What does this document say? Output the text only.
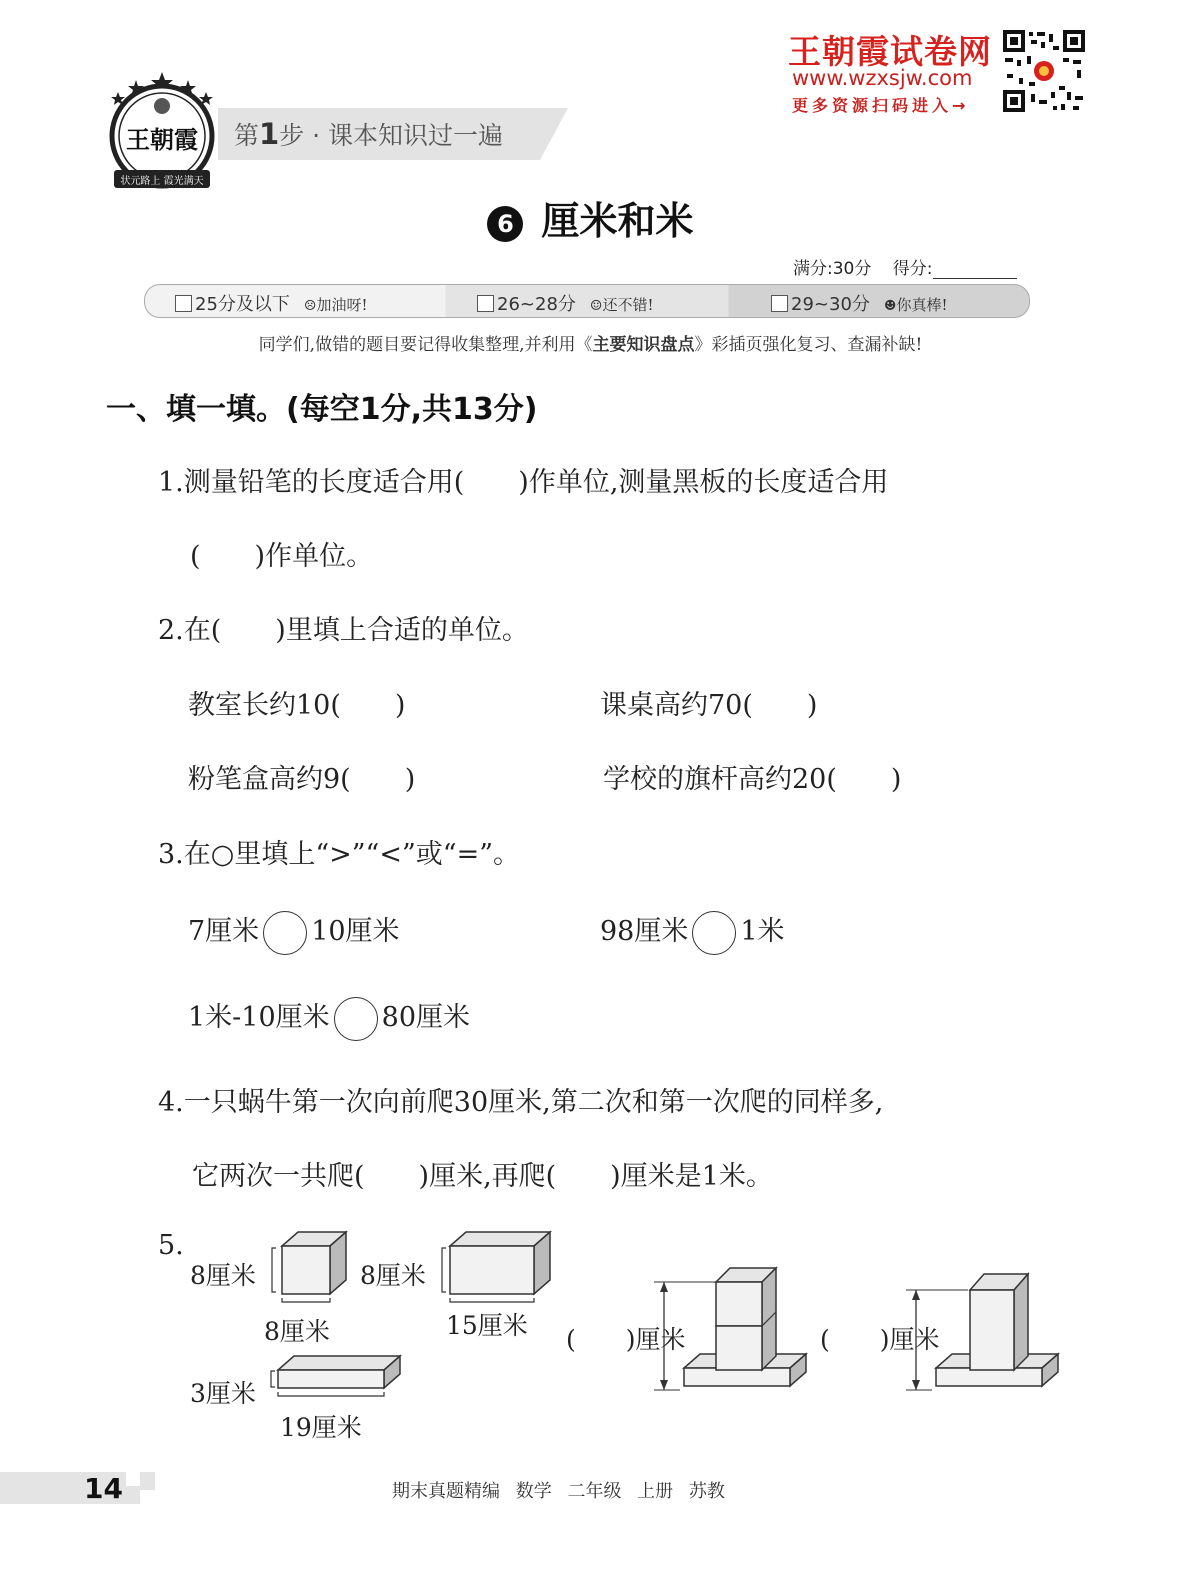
王朝霞
状元路上 霞光满天
第1步 · 课本知识过一遍
王朝霞试卷网
www.wzxsjw.com
更多资源扫码进入→
6 厘米和米
满分:30分 得分:
25分及以下 ☹加油呀!	26~28分 ☺还不错!	29~30分 ☻你真棒!
同学们,做错的题目要记得收集整理,并利用《主要知识盘点》彩插页强化复习、查漏补缺!
一、填一填。(每空1分,共13分)
1.测量铅笔的长度适合用(　　)作单位,测量黑板的长度适合用
(　　)作单位。
2.在(　　)里填上合适的单位。
教室长约10(　　)	课桌高约70(　　)
粉笔盒高约9(　　)	学校的旗杆高约20(　　)
3.在○里填上“>”“<”或“=”。
7厘米 10厘米	98厘米 1米
1米-10厘米 80厘米
4.一只蜗牛第一次向前爬30厘米,第二次和第一次爬的同样多,
它两次一共爬(　　)厘米,再爬(　　)厘米是1米。
5.
8厘米
8厘米
8厘米
15厘米
3厘米
19厘米
(　　)厘米	(　　)厘米
14	期末真题精编 数学 二年级 上册 苏教
